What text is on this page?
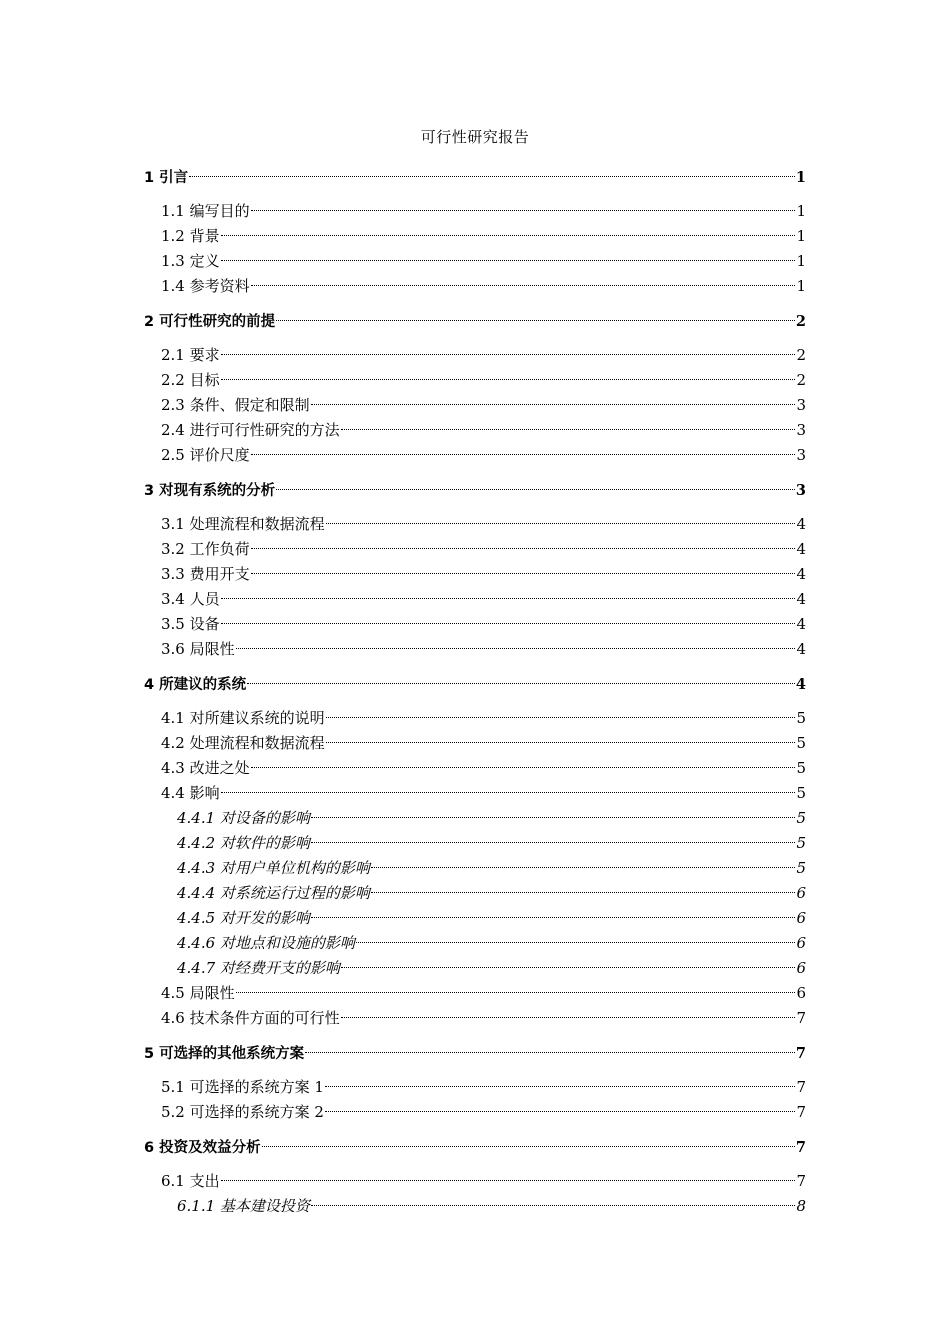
可行性研究报告
1 引言	1
1.1 编写目的	1
1.2 背景	1
1.3 定义	1
1.4 参考资料	1
2 可行性研究的前提	2
2.1 要求	2
2.2 目标	2
2.3 条件、假定和限制	3
2.4 进行可行性研究的方法	3
2.5 评价尺度	3
3 对现有系统的分析	3
3.1 处理流程和数据流程	4
3.2 工作负荷	4
3.3 费用开支	4
3.4 人员	4
3.5 设备	4
3.6 局限性	4
4 所建议的系统	4
4.1 对所建议系统的说明	5
4.2 处理流程和数据流程	5
4.3 改进之处	5
4.4 影响	5
4.4.1 对设备的影响	5
4.4.2 对软件的影响	5
4.4.3 对用户单位机构的影响	5
4.4.4 对系统运行过程的影响	6
4.4.5 对开发的影响	6
4.4.6 对地点和设施的影响	6
4.4.7 对经费开支的影响	6
4.5 局限性	6
4.6 技术条件方面的可行性	7
5 可选择的其他系统方案	7
5.1 可选择的系统方案 1	7
5.2 可选择的系统方案 2	7
6 投资及效益分析	7
6.1 支出	7
6.1.1 基本建设投资	8
